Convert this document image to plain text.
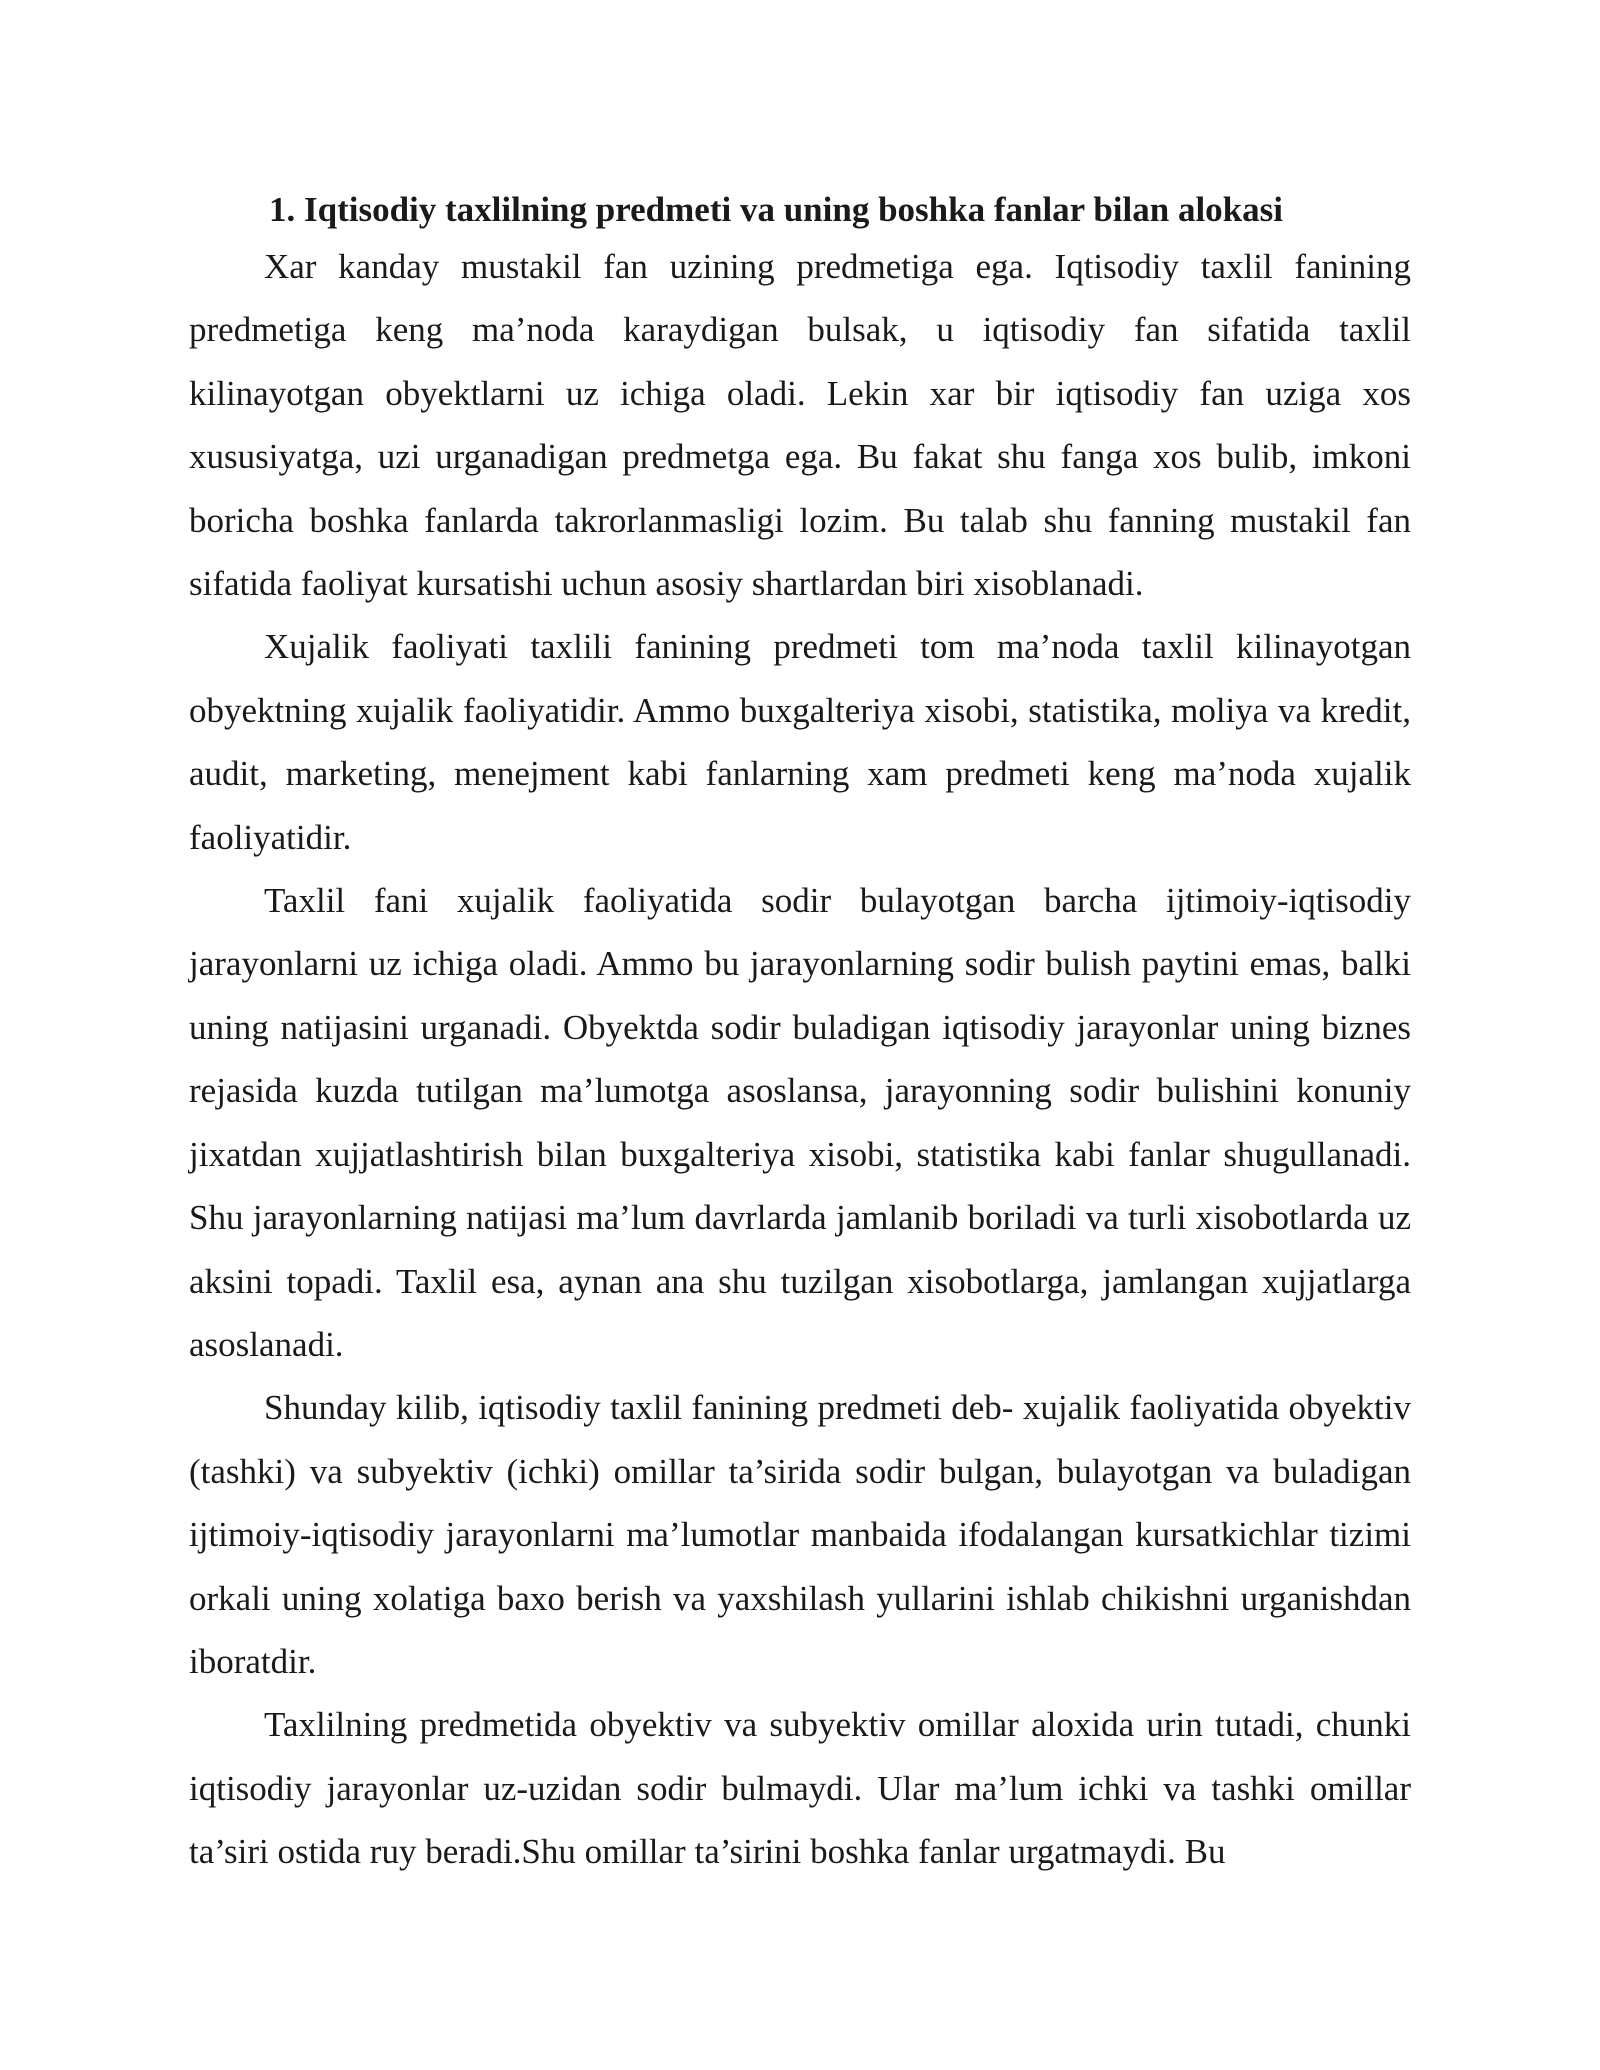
1. Iqtisodiy taxlilning predmeti va uning boshka fanlar bilan alokasi

Xar kanday mustakil fan uzining predmetiga ega. Iqtisodiy taxlil fanining predmetiga keng ma’noda karaydigan bulsak, u iqtisodiy fan sifatida taxlil kilinayotgan obyektlarni uz ichiga oladi. Lekin xar bir iqtisodiy fan uziga xos xususiyatga, uzi urganadigan predmetga ega. Bu fakat shu fanga xos bulib, imkoni boricha boshka fanlarda takrorlanmasligi lozim. Bu talab shu fanning mustakil fan sifatida faoliyat kursatishi uchun asosiy shartlardan biri xisoblanadi.

Xujalik faoliyati taxlili fanining predmeti tom ma’noda taxlil kilinayotgan obyektning xujalik faoliyatidir. Ammo buxgalteriya xisobi, statistika, moliya va kredit, audit, marketing, menejment kabi fanlarning xam predmeti keng ma’noda xujalik faoliyatidir.

Taxlil fani xujalik faoliyatida sodir bulayotgan barcha ijtimoiy-iqtisodiy jarayonlarni uz ichiga oladi. Ammo bu jarayonlarning sodir bulish paytini emas, balki uning natijasini urganadi. Obyektda sodir buladigan iqtisodiy jarayonlar uning biznes rejasida kuzda tutilgan ma’lumotga asoslansa, jarayonning sodir bulishini konuniy jixatdan xujjatlashtirish bilan buxgalteriya xisobi, statistika kabi fanlar shugullanadi. Shu jarayonlarning natijasi ma’lum davrlarda jamlanib boriladi va turli xisobotlarda uz aksini topadi. Taxlil esa, aynan ana shu tuzilgan xisobotlarga, jamlangan xujjatlarga asoslanadi.

Shunday kilib, iqtisodiy taxlil fanining predmeti deb- xujalik faoliyatida obyektiv (tashki) va subyektiv (ichki) omillar ta’sirida sodir bulgan, bulayotgan va buladigan ijtimoiy-iqtisodiy jarayonlarni ma’lumotlar manbaida ifodalangan kursatkichlar tizimi orkali uning xolatiga baxo berish va yaxshilash yullarini ishlab chikishni urganishdan iboratdir.

Taxlilning predmetida obyektiv va subyektiv omillar aloxida urin tutadi, chunki iqtisodiy jarayonlar uz-uzidan sodir bulmaydi. Ular ma’lum ichki va tashki omillar ta’siri ostida ruy beradi.Shu omillar ta’sirini boshka fanlar urgatmaydi. Bu
